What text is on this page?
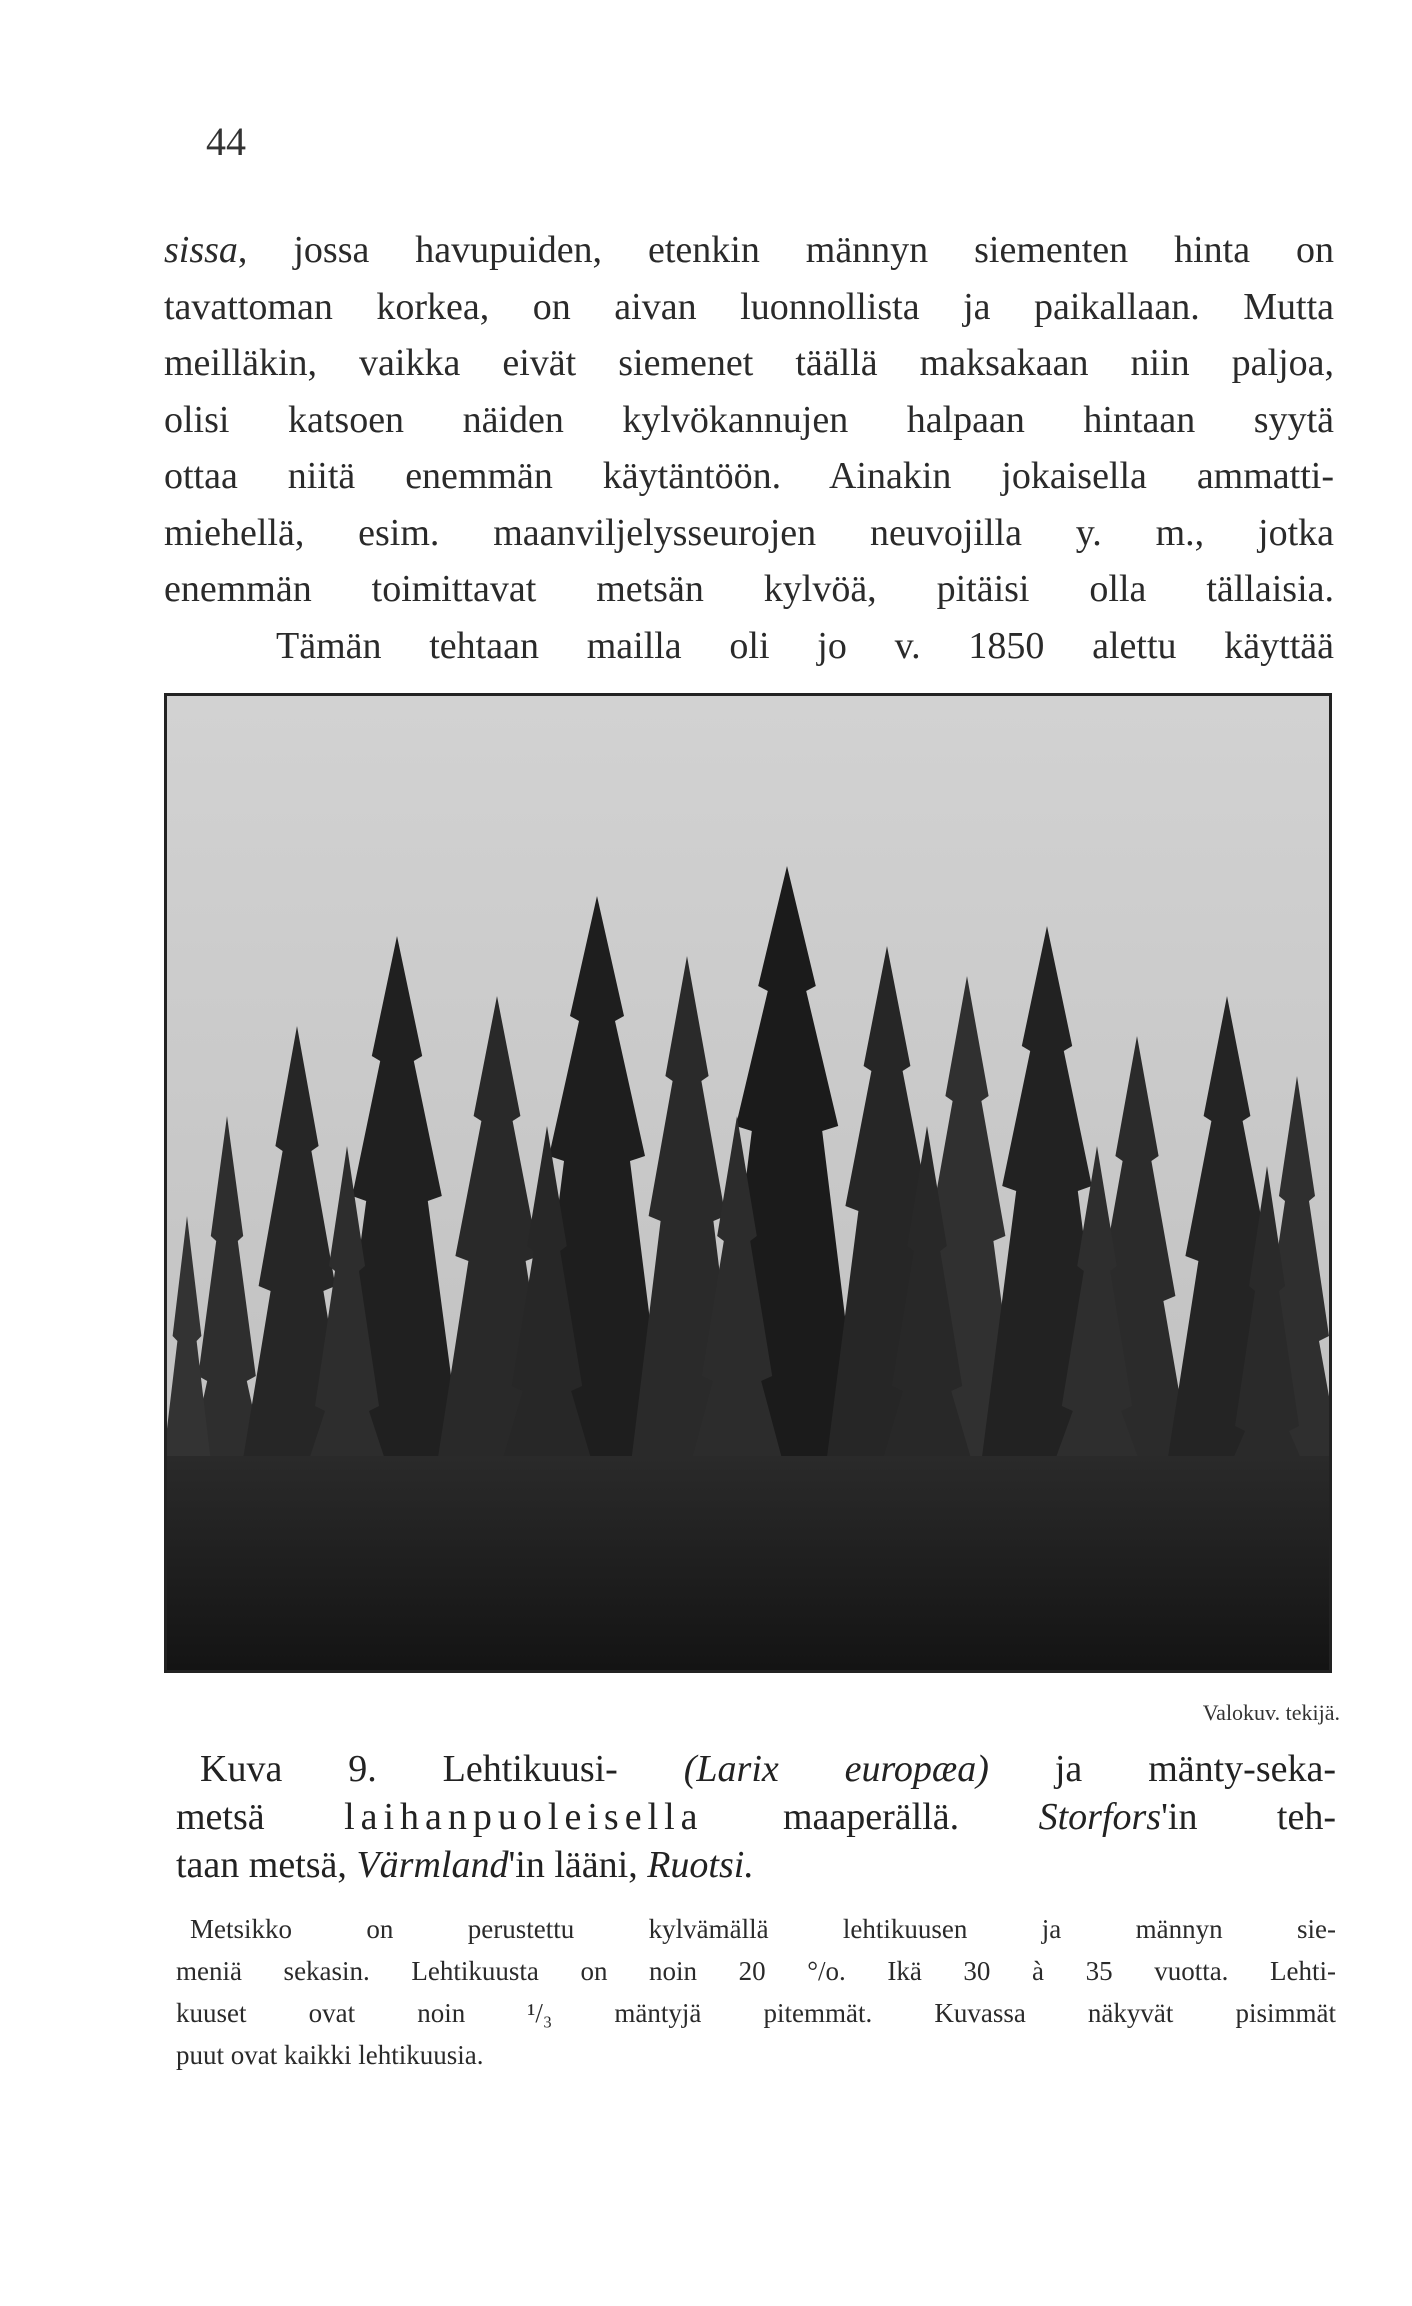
44
sissa, jossa havupuiden, etenkin männyn siementen hinta on
tavattoman korkea, on aivan luonnollista ja paikallaan. Mutta
meilläkin, vaikka eivät siemenet täällä maksakaan niin paljoa,
olisi katsoen näiden kylvökannujen halpaan hintaan syytä
ottaa niitä enemmän käytäntöön. Ainakin jokaisella ammatti-
miehellä, esim. maanviljelysseurojen neuvojilla y. m., jotka
enemmän toimittavat metsän kylvöä, pitäisi olla tällaisia.
Tämän tehtaan mailla oli jo v. 1850 alettu käyttää
Valokuv. tekijä.
Kuva 9. Lehtikuusi- (Larix europæa) ja mänty-seka-
metsä laihanpuoleisella maaperällä. Storfors'in teh-
taan metsä, Värmland'in lääni, Ruotsi.
Metsikko on perustettu kylvämällä lehtikuusen ja männyn sie-
meniä sekasin. Lehtikuusta on noin 20 °/o. Ikä 30 à 35 vuotta. Lehti-
kuuset ovat noin ¹/₃ mäntyjä pitemmät. Kuvassa näkyvät pisimmät
puut ovat kaikki lehtikuusia.
